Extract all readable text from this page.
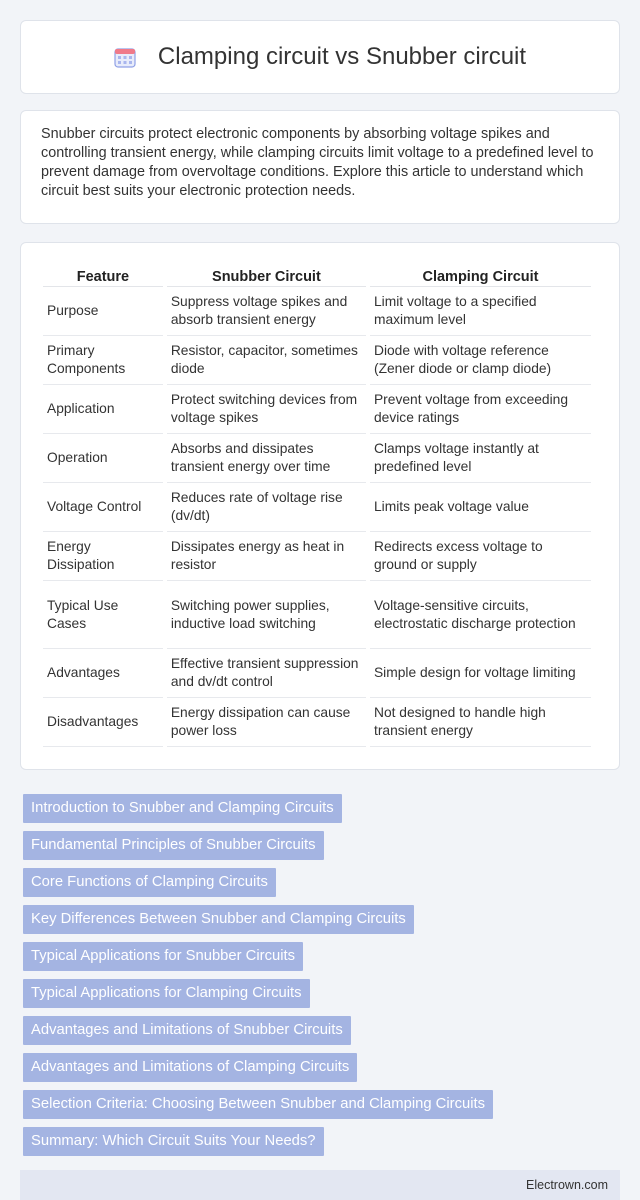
Clamping circuit vs Snubber circuit

Snubber circuits protect electronic components by absorbing voltage spikes and controlling transient energy, while clamping circuits limit voltage to a predefined level to prevent damage from overvoltage conditions. Explore this article to understand which circuit best suits your electronic protection needs.

Feature	Snubber Circuit	Clamping Circuit
Purpose	Suppress voltage spikes and absorb transient energy	Limit voltage to a specified maximum level
Primary Components	Resistor, capacitor, sometimes diode	Diode with voltage reference (Zener diode or clamp diode)
Application	Protect switching devices from voltage spikes	Prevent voltage from exceeding device ratings
Operation	Absorbs and dissipates transient energy over time	Clamps voltage instantly at predefined level
Voltage Control	Reduces rate of voltage rise (dv/dt)	Limits peak voltage value
Energy Dissipation	Dissipates energy as heat in resistor	Redirects excess voltage to ground or supply
Typical Use Cases	Switching power supplies, inductive load switching	Voltage-sensitive circuits, electrostatic discharge protection
Advantages	Effective transient suppression and dv/dt control	Simple design for voltage limiting
Disadvantages	Energy dissipation can cause power loss	Not designed to handle high transient energy
Introduction to Snubber and Clamping Circuits
Fundamental Principles of Snubber Circuits
Core Functions of Clamping Circuits
Key Differences Between Snubber and Clamping Circuits
Typical Applications for Snubber Circuits
Typical Applications for Clamping Circuits
Advantages and Limitations of Snubber Circuits
Advantages and Limitations of Clamping Circuits
Selection Criteria: Choosing Between Snubber and Clamping Circuits
Summary: Which Circuit Suits Your Needs?
Electrown.com
